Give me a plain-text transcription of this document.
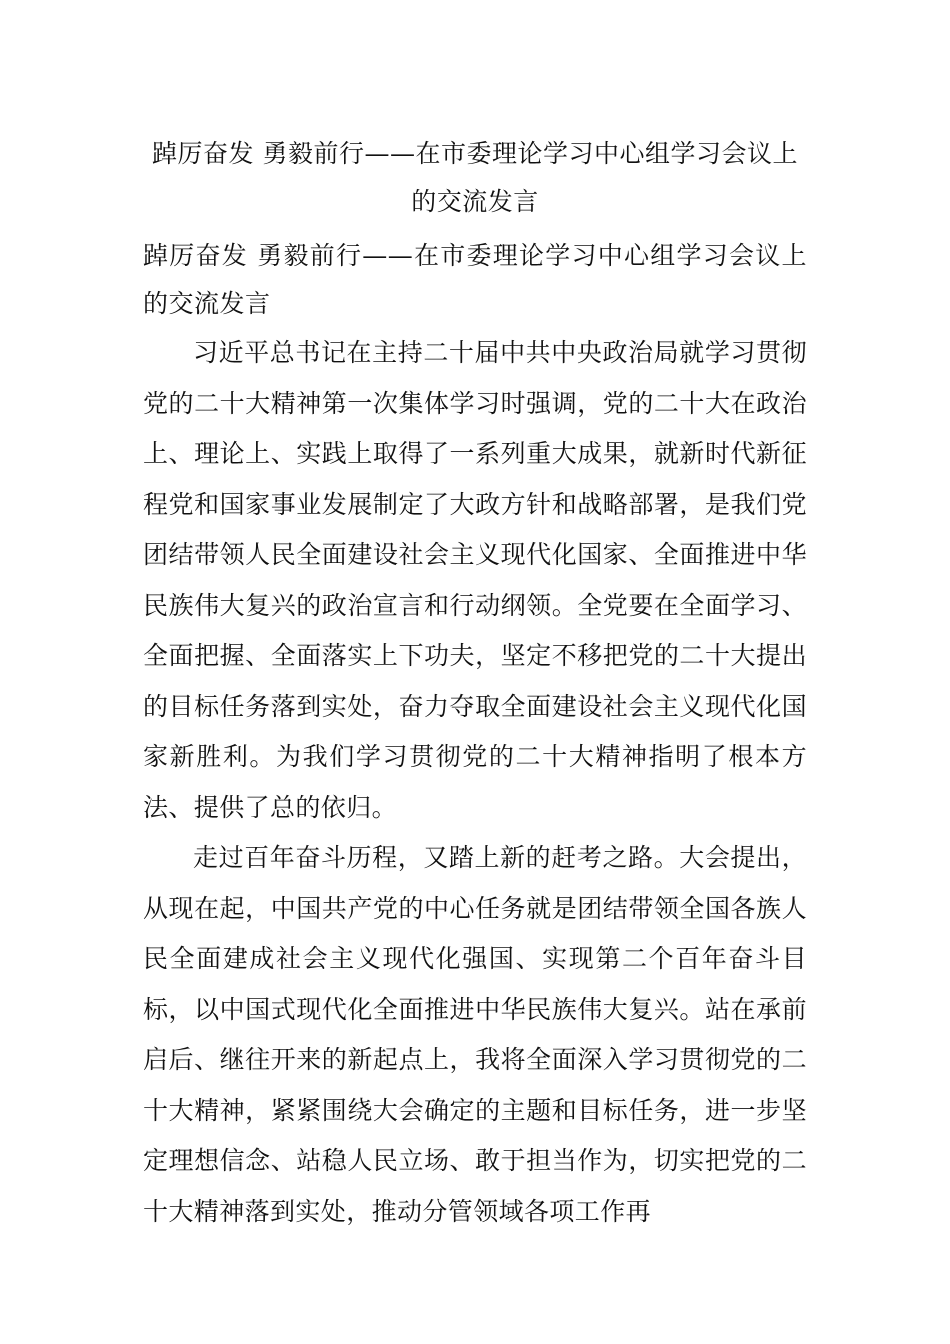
踔厉奋发 勇毅前行——在市委理论学习中心组学习会议上的交流发言

踔厉奋发 勇毅前行——在市委理论学习中心组学习会议上的交流发言

习近平总书记在主持二十届中共中央政治局就学习贯彻党的二十大精神第一次集体学习时强调，党的二十大在政治上、理论上、实践上取得了一系列重大成果，就新时代新征程党和国家事业发展制定了大政方针和战略部署，是我们党团结带领人民全面建设社会主义现代化国家、全面推进中华民族伟大复兴的政治宣言和行动纲领。全党要在全面学习、全面把握、全面落实上下功夫，坚定不移把党的二十大提出的目标任务落到实处，奋力夺取全面建设社会主义现代化国家新胜利。为我们学习贯彻党的二十大精神指明了根本方法、提供了总的依归。

走过百年奋斗历程，又踏上新的赶考之路。大会提出，从现在起，中国共产党的中心任务就是团结带领全国各族人民全面建成社会主义现代化强国、实现第二个百年奋斗目标，以中国式现代化全面推进中华民族伟大复兴。站在承前启后、继往开来的新起点上，我将全面深入学习贯彻党的二十大精神，紧紧围绕大会确定的主题和目标任务，进一步坚定理想信念、站稳人民立场、敢于担当作为，切实把党的二十大精神落到实处，推动分管领域各项工作再
